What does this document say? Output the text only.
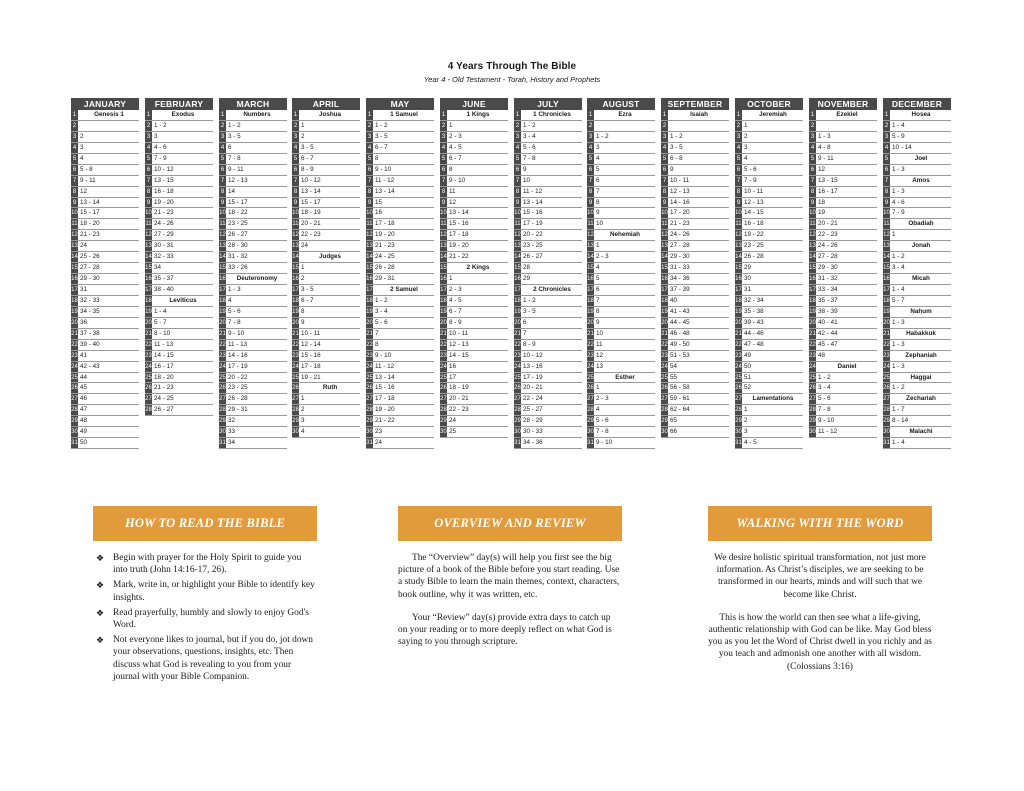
4 Years Through The Bible
Year 4 - Old Testament - Torah, History and Prophets
JANUARY
1	Genesis 1
2
3 2
4 3
5 4
6 5 - 8
7 9 - 11
8 12
9 13 - 14
10 15 - 17
11 18 - 20
12 21 - 23
13 24
14 25 - 26
15 27 - 28
16 29 - 30
17 31
18 32 - 33
19 34 - 35
20 36
21 37 - 38
22 39 - 40
23 41
24 42 - 43
25 44
26 45
27 46
28 47
29 48
30 49
31 50
FEBRUARY
1	Exodus
2 1 - 2
3 3
4 4 - 6
5 7 - 9
6 10 - 12
7 13 - 15
8 16 - 18
9 19 - 20
10 21 - 23
11 24 - 26
12 27 - 29
13 30 - 31
14 32 - 33
15 34
16 35 - 37
17 38 - 40
18	Leviticus
19 1 - 4
20 5 - 7
21 8 - 10
22 11 - 13
23 14 - 15
24 16 - 17
25 18 - 20
26 21 - 23
27 24 - 25
28 26 - 27
MARCH
1	Numbers
2 1 - 2
3 3 - 5
4 6
5 7 - 8
6 9 - 11
7 12 - 13
8 14
9 15 - 17
10 18 - 22
11 23 - 25
12 26 - 27
13 28 - 30
14 31 - 32
15 33 - 26
16	Deuteronomy
17 1 - 3
18 4
19 5 - 6
20 7 - 8
21 9 - 10
22 11 - 13
23 14 - 16
24 17 - 19
25 20 - 22
26 23 - 25
27 26 - 28
28 29 - 31
29 32
30 33
31 34
APRIL
1	Joshua
2 1
3 2
4 3 - 5
5 6 - 7
6 8 - 9
7 10 - 12
8 13 - 14
9 15 - 17
10 18 - 19
11 20 - 21
12 22 - 23
13 24
14	Judges
15 1
16 2
17 3 - 5
18 6 - 7
19 8
20 9
21 10 - 11
22 12 - 14
23 15 - 16
24 17 - 18
25 19 - 21
26	Ruth
27 1
28 2
29 3
30 4
MAY
1	1 Samuel
2 1 - 2
3 3 - 5
4 6 - 7
5 8
6 9 - 10
7 11 - 12
8 13 - 14
9 15
10 16
11 17 - 18
12 19 - 20
13 21 - 23
14 24 - 25
15 26 - 28
16 29 - 31
17	2 Samuel
18 1 - 2
19 3 - 4
20 5 - 6
21 7
22 8
23 9 - 10
24 11 - 12
25 13 - 14
26 15 - 16
27 17 - 18
28 19 - 20
29 21 - 22
30 23
31 24
JUNE
1	1 Kings
2 1
3 2 - 3
4 4 - 5
5 6 - 7
6 8
7 9 - 10
8 11
9 12
10 13 - 14
11 15 - 16
12 17 - 18
13 19 - 20
14 21 - 22
15	2 Kings
16 1
17 2 - 3
18 4 - 5
19 6 - 7
20 8 - 9
21 10 - 11
22 12 - 13
23 14 - 15
24 16
25 17
26 18 - 19
27 20 - 21
28 22 - 23
29 24
30 25
JULY
1	1 Chronicles
2 1 - 2
3 3 - 4
4 5 - 6
5 7 - 8
6 9
7 10
8 11 - 12
9 13 - 14
10 15 - 16
11 17 - 19
12 20 - 22
13 23 - 25
14 26 - 27
15 28
16 29
17	2 Chronicles
18 1 - 2
19 3 - 5
20 6
21 7
22 8 - 9
23 10 - 12
24 13 - 16
25 17 - 19
26 20 - 21
27 22 - 24
28 25 - 27
29 28 - 29
30 30 - 33
31 34 - 36
AUGUST
1	Ezra
2
3 1 - 2
4 3
5 4
6 5
7 6
8 7
9 8
10 9
11 10
12	Nehemiah
13 1
14 2 - 3
15 4
16 5
17 6
18 7
19 8
20 9
21 10
22 11
23 12
24 13
25	Esther
26 1
27 2 - 3
28 4
29 5 - 6
30 7 - 8
31 9 - 10
SEPTEMBER
1	Isaiah
2
3 1 - 2
4 3 - 5
5 6 - 8
6 9
7 10 - 11
8 12 - 13
9 14 - 16
10 17 - 20
11 21 - 23
12 24 - 26
13 27 - 28
14 29 - 30
15 31 - 33
16 34 - 36
17 37 - 39
18 40
19 41 - 43
20 44 - 45
21 46 - 48
22 49 - 50
23 51 - 53
24 54
25 55
26 56 - 58
27 59 - 61
28 62 - 64
29 65
30 66
OCTOBER
1	Jeremiah
2 1
3 2
4 3
5 4
6 5 - 6
7 7 - 9
8 10 - 11
9 12 - 13
10 14 - 15
11 16 - 18
12 19 - 22
13 23 - 25
14 26 - 28
15 29
16 30
17 31
18 32 - 34
19 35 - 38
20 39 - 43
21 44 - 46
22 47 - 48
23 49
24 50
25 51
26 52
27	Lamentations
28 1
29 2
30 3
31 4 - 5
NOVEMBER
1	Ezekiel
2
3 1 - 3
4 4 - 8
5 9 - 11
6 12
7 13 - 15
8 16 - 17
9 18
10 19
11 20 - 21
12 22 - 23
13 24 - 26
14 27 - 28
15 29 - 30
16 31 - 32
17 33 - 34
18 35 - 37
19 38 - 39
20 40 - 41
21 42 - 44
22 45 - 47
23 48
24	Daniel
25 1 - 2
26 3 - 4
27 5 - 6
28 7 - 8
29 9 - 10
30 11 - 12
DECEMBER
1	Hosea
2 1 - 4
3 5 - 9
4 10 - 14
5	Joel
6 1 - 3
7	Amos
8 1 - 3
9 4 - 6
10 7 - 9
11	Obadiah
12 1
13	Jonah
14 1 - 2
15 3 - 4
16	Micah
17 1 - 4
18 5 - 7
19	Nahum
20 1 - 3
21	Habakkuk
22 1 - 3
23	Zephaniah
24 1 - 3
25	Haggai
26 1 - 2
27	Zechariah
28 1 - 7
29 8 - 14
30	Malachi
31 1 - 4
HOW TO READ THE BIBLE
❖ Begin with prayer for the Holy Spirit to guide you into truth (John 14:16-17, 26).
❖ Mark, write in, or highlight your Bible to identify key insights.
❖ Read prayerfully, humbly and slowly to enjoy God's Word.
❖ Not everyone likes to journal, but if you do, jot down your observations, questions, insights, etc. Then discuss what God is revealing to you from your journal with your Bible Companion.
OVERVIEW AND REVIEW

The “Overview” day(s) will help you first see the big picture of a book of the Bible before you start reading. Use a study Bible to learn the main themes, context, characters, book outline, why it was written, etc.

Your “Review” day(s) provide extra days to catch up on your reading or to more deeply reflect on what God is saying to you through scripture.

WALKING WITH THE WORD

We desire holistic spiritual transformation, not just more information. As Christ’s disciples, we are seeking to be transformed in our hearts, minds and will such that we become like Christ.

This is how the world can then see what a life-giving, authentic relationship with God can be like. May God bless you as you let the Word of Christ dwell in you richly and as you teach and admonish one another with all wisdom. (Colossians 3:16)
